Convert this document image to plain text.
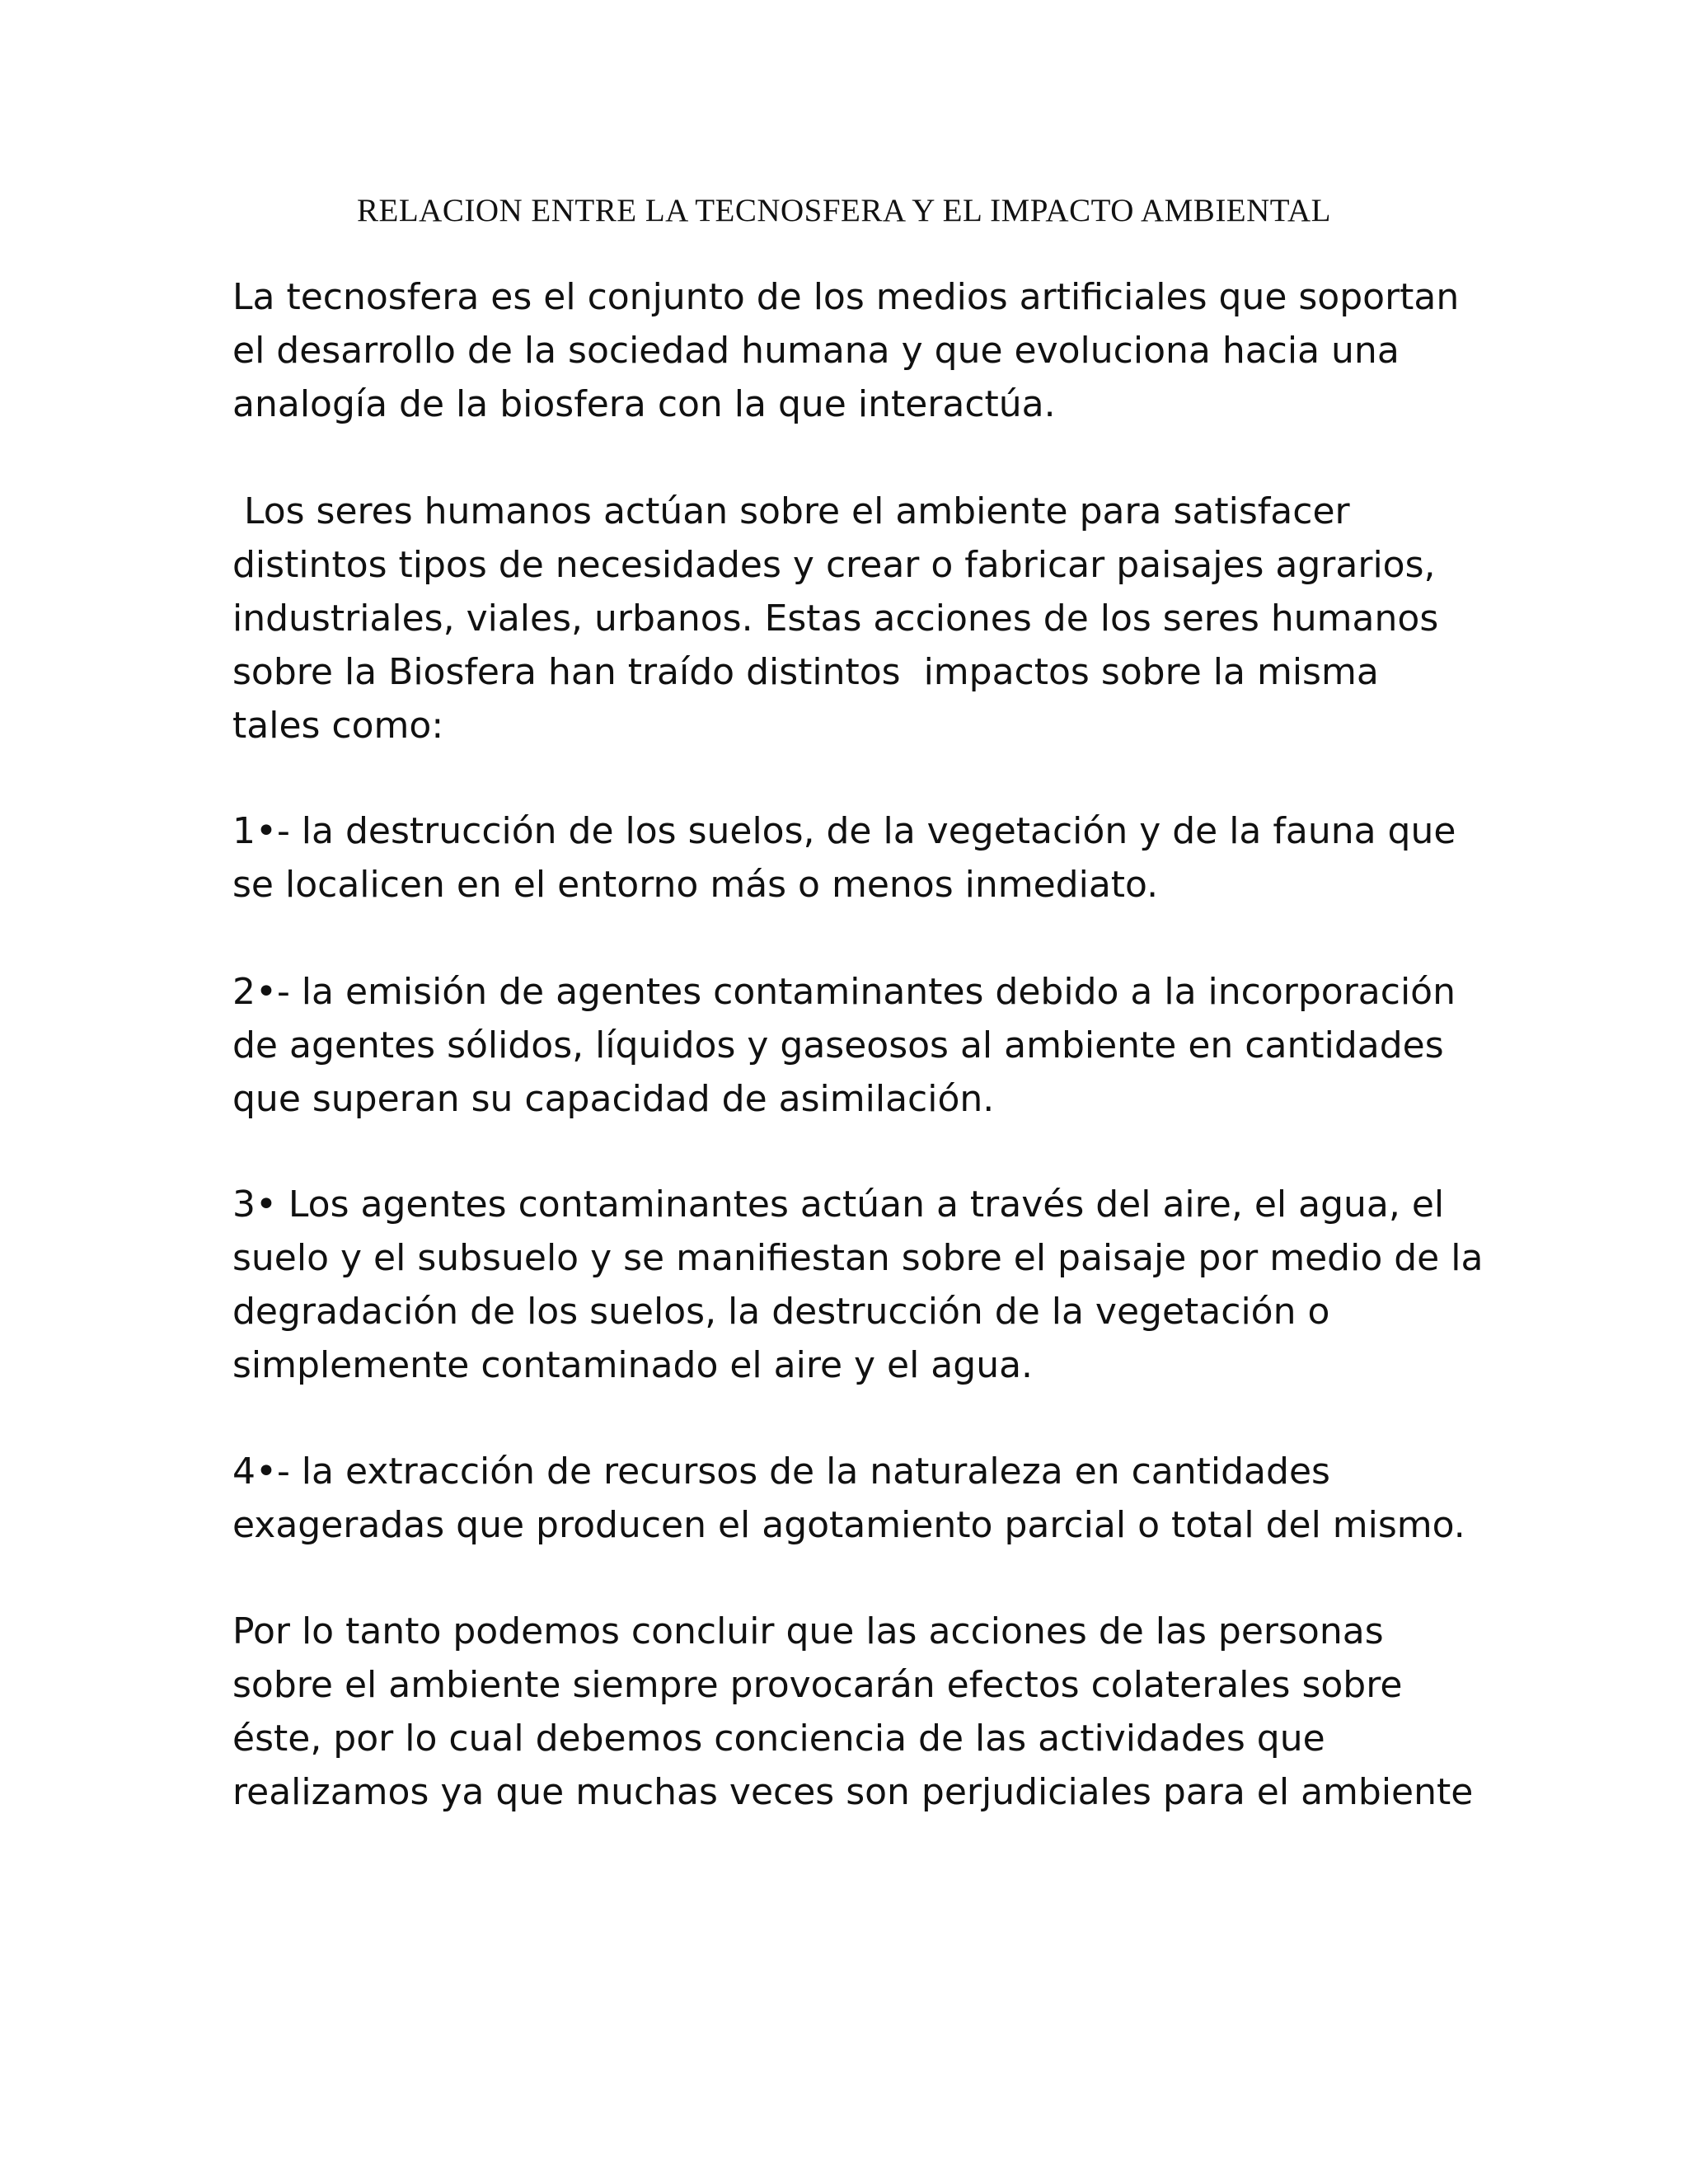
RELACION ENTRE LA TECNOSFERA Y EL IMPACTO AMBIENTAL
La tecnosfera es el conjunto de los medios artificiales que soportan
el desarrollo de la sociedad humana y que evoluciona hacia una
analogía de la biosfera con la que interactúa.
Los seres humanos actúan sobre el ambiente para satisfacer
distintos tipos de necesidades y crear o fabricar paisajes agrarios,
industriales, viales, urbanos. Estas acciones de los seres humanos
sobre la Biosfera han traído distintos  impactos sobre la misma
tales como:
1•- la destrucción de los suelos, de la vegetación y de la fauna que
se localicen en el entorno más o menos inmediato.
2•- la emisión de agentes contaminantes debido a la incorporación
de agentes sólidos, líquidos y gaseosos al ambiente en cantidades
que superan su capacidad de asimilación.
3• Los agentes contaminantes actúan a través del aire, el agua, el
suelo y el subsuelo y se manifiestan sobre el paisaje por medio de la
degradación de los suelos, la destrucción de la vegetación o
simplemente contaminado el aire y el agua.
4•- la extracción de recursos de la naturaleza en cantidades
exageradas que producen el agotamiento parcial o total del mismo.
Por lo tanto podemos concluir que las acciones de las personas
sobre el ambiente siempre provocarán efectos colaterales sobre
éste, por lo cual debemos conciencia de las actividades que
realizamos ya que muchas veces son perjudiciales para el ambiente
